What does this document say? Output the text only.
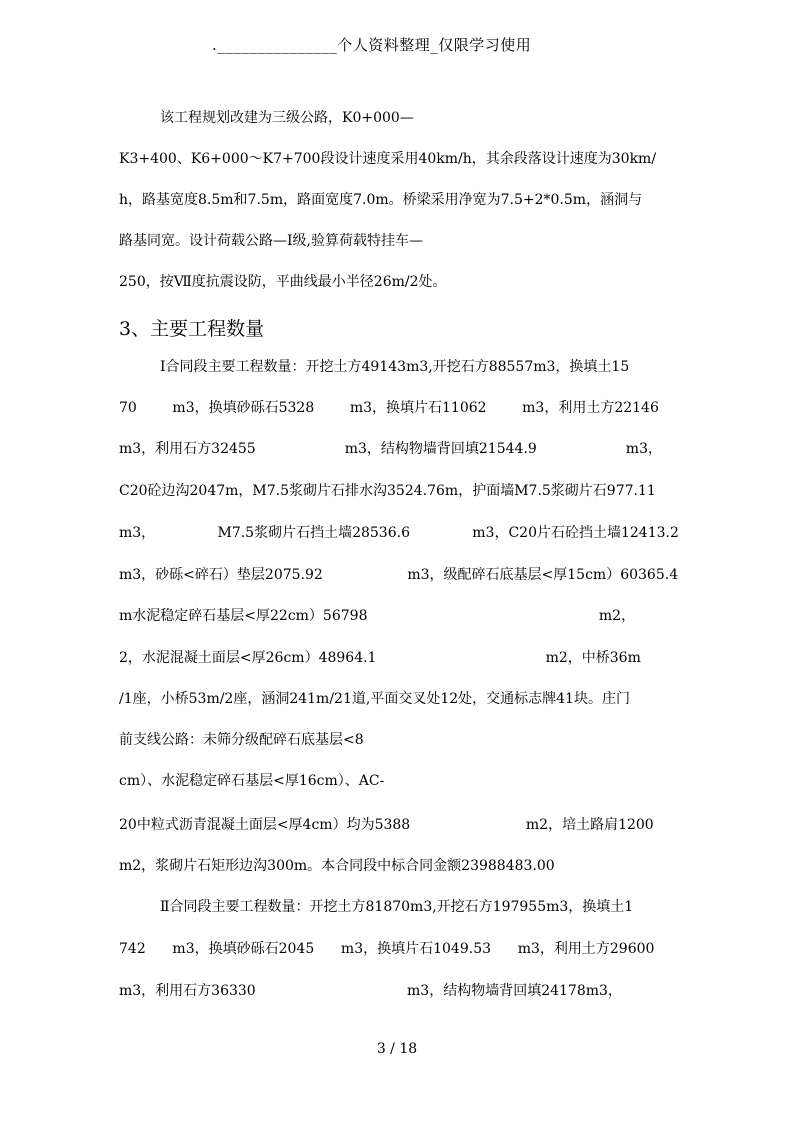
._______________个人资料整理_仅限学习使用
该工程规划改建为三级公路，K0+000—
K3+400、K6+000～K7+700段设计速度采用40km/h，其余段落设计速度为30km/
h，路基宽度8.5m和7.5m，路面宽度7.0m。桥梁采用净宽为7.5+2*0.5m，涵洞与
路基同宽。设计荷载公路—Ⅰ级,验算荷载特挂车—
250，按Ⅶ度抗震设防，平曲线最小半径26m/2处。
3、主要工程数量
Ⅰ合同段主要工程数量：开挖土方49143m3,开挖石方88557m3，换填土15
70        m3，换填砂砾石5328        m3，换填片石11062        m3，利用土方22146
m3，利用石方32455                    m3，结构物墙背回填21544.9                    m3，
C20砼边沟2047m，M7.5浆砌片石排水沟3524.76m，护面墙M7.5浆砌片石977.11
m3，              M7.5浆砌片石挡土墙28536.6              m3，C20片石砼挡土墙12413.2
m3，砂砾<碎石）垫层2075.92                   m3，级配碎石底基层<厚15cm）60365.4
m水泥稳定碎石基层<厚22cm）56798                                                    m2，
2，水泥混凝土面层<厚26cm）48964.1                                      m2，中桥36m
/1座，小桥53m/2座，涵洞241m/21道,平面交叉处12处，交通标志牌41块。庄门
前支线公路：未筛分级配碎石底基层<8
cm）、水泥稳定碎石基层<厚16cm）、AC-
20中粒式沥青混凝土面层<厚4cm）均为5388                          m2，培土路肩1200
m2，浆砌片石矩形边沟300m。本合同段中标合同金额23988483.00
Ⅱ合同段主要工程数量：开挖土方81870m3,开挖石方197955m3，换填土1
742      m3，换填砂砾石2045      m3，换填片石1049.53      m3，利用土方29600
m3，利用石方36330                                  m3，结构物墙背回填24178m3，
3 / 18
